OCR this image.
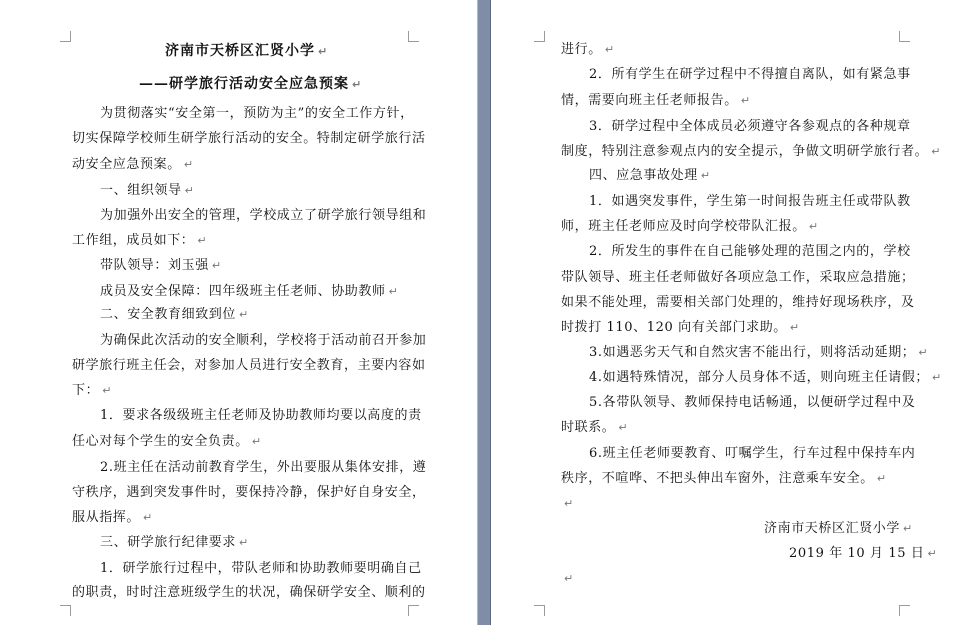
济南市天桥区汇贤小学 ↵
——研学旅行活动安全应急预案 ↵
为贯彻落实“安全第一，预防为主”的安全工作方针，
切实保障学校师生研学旅行活动的安全。特制定研学旅行活
动安全应急预案。 ↵
一、组织领导 ↵
为加强外出安全的管理，学校成立了研学旅行领导组和
工作组，成员如下： ↵
带队领导：刘玉强 ↵
成员及安全保障：四年级班主任老师、协助教师 ↵
二、安全教育细致到位 ↵
为确保此次活动的安全顺利，学校将于活动前召开参加
研学旅行班主任会，对参加人员进行安全教育，主要内容如
下： ↵
1．要求各级级班主任老师及协助教师均要以高度的责
任心对每个学生的安全负责。 ↵
2.班主任在活动前教育学生，外出要服从集体安排，遵
守秩序，遇到突发事件时，要保持冷静，保护好自身安全，
服从指挥。 ↵
三、研学旅行纪律要求 ↵
1．研学旅行过程中，带队老师和协助教师要明确自己
的职责，时时注意班级学生的状况，确保研学安全、顺利的
进行。 ↵
2．所有学生在研学过程中不得擅自离队，如有紧急事
情，需要向班主任老师报告。 ↵
3．研学过程中全体成员必须遵守各参观点的各种规章
制度，特别注意参观点内的安全提示，争做文明研学旅行者。 ↵
四、应急事故处理 ↵
1．如遇突发事件，学生第一时间报告班主任或带队教
师，班主任老师应及时向学校带队汇报。 ↵
2．所发生的事件在自己能够处理的范围之内的，学校
带队领导、班主任老师做好各项应急工作，采取应急措施；
如果不能处理，需要相关部门处理的，维持好现场秩序，及
时拨打 110、120 向有关部门求助。 ↵
3.如遇恶劣天气和自然灾害不能出行，则将活动延期； ↵
4.如遇特殊情况，部分人员身体不适，则向班主任请假； ↵
5.各带队领导、教师保持电话畅通，以便研学过程中及
时联系。 ↵
6.班主任老师要教育、叮嘱学生，行车过程中保持车内
秩序，不喧哗、不把头伸出车窗外，注意乘车安全。 ↵
↵
济南市天桥区汇贤小学 ↵
2019 年 10 月 15 日 ↵
↵
